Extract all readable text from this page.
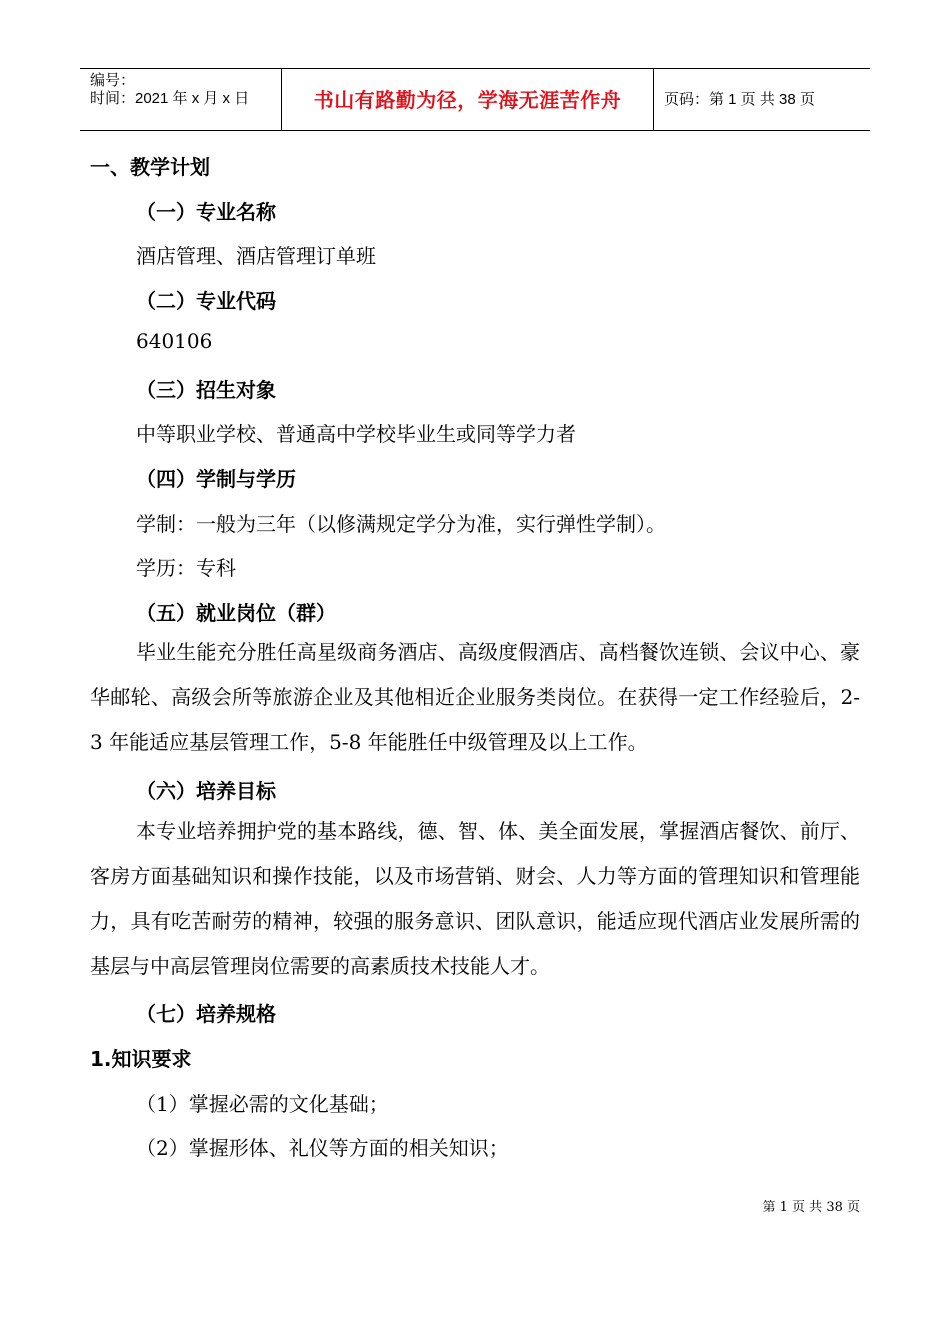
编号：
时间：2021 年 x 月 x 日	书山有路勤为径，学海无涯苦作舟	页码：第 1 页 共 38 页
一、教学计划
（一）专业名称
酒店管理、酒店管理订单班
（二）专业代码
640106
（三）招生对象
中等职业学校、普通高中学校毕业生或同等学力者
（四）学制与学历
学制：一般为三年（以修满规定学分为准，实行弹性学制）。
学历：专科
（五）就业岗位（群）
毕业生能充分胜任高星级商务酒店、高级度假酒店、高档餐饮连锁、会议中心、豪华邮轮、高级会所等旅游企业及其他相近企业服务类岗位。在获得一定工作经验后，2-3 年能适应基层管理工作，5-8 年能胜任中级管理及以上工作。
（六）培养目标
本专业培养拥护党的基本路线，德、智、体、美全面发展，掌握酒店餐饮、前厅、客房方面基础知识和操作技能，以及市场营销、财会、人力等方面的管理知识和管理能力，具有吃苦耐劳的精神，较强的服务意识、团队意识，能适应现代酒店业发展所需的基层与中高层管理岗位需要的高素质技术技能人才。
（七）培养规格
1.知识要求
（1）掌握必需的文化基础；
（2）掌握形体、礼仪等方面的相关知识；
第 1 页 共 38 页
